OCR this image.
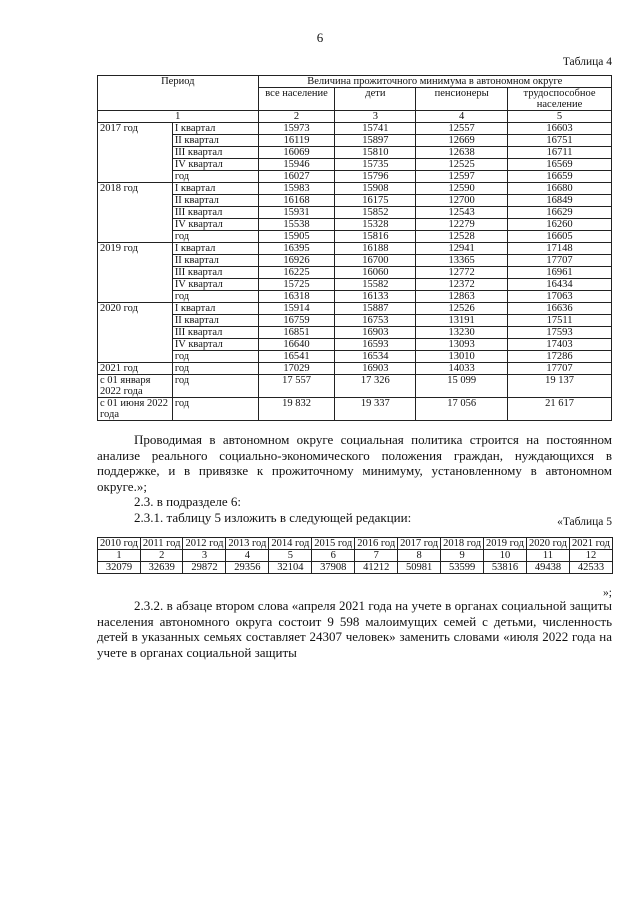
6
Таблица 4
Период		Величина прожиточного минимума в автономном округе			
		все население	дети	пенсионеры	трудоспособное население
1		2	3	4	5
2017 год	I квартал	15973	15741	12557	16603
	II квартал	16119	15897	12669	16751
	III квартал	16069	15810	12638	16711
	IV квартал	15946	15735	12525	16569
	год	16027	15796	12597	16659
2018 год	I квартал	15983	15908	12590	16680
	II квартал	16168	16175	12700	16849
	III квартал	15931	15852	12543	16629
	IV квартал	15538	15328	12279	16260
	год	15905	15816	12528	16605
2019 год	I квартал	16395	16188	12941	17148
	II квартал	16926	16700	13365	17707
	III квартал	16225	16060	12772	16961
	IV квартал	15725	15582	12372	16434
	год	16318	16133	12863	17063
2020 год	I квартал	15914	15887	12526	16636
	II квартал	16759	16753	13191	17511
	III квартал	16851	16903	13230	17593
	IV квартал	16640	16593	13093	17403
	год	16541	16534	13010	17286
2021 год	год	17029	16903	14033	17707
с 01 января 2022 года	год	17 557	17 326	15 099	19 137
с 01 июня 2022 года	год	19 832	19 337	17 056	21 617
Проводимая в автономном округе социальная политика строится на постоянном анализе реального социально-экономического положения граждан, нуждающихся в поддержке, и в привязке к прожиточному минимуму, установленному в автономном округе.»;
2.3. в подразделе 6:
2.3.1. таблицу 5 изложить в следующей редакции:	«Таблица 5
2010 год	2011 год	2012 год	2013 год	2014 год	2015 год	2016 год	2017 год	2018 год	2019 год	2020 год	2021 год
1	2	3	4	5	6	7	8	9	10	11	12
32079	32639	29872	29356	32104	37908	41212	50981	53599	53816	49438	42533
»;
2.3.2. в абзаце втором слова «апреля 2021 года на учете в органах социальной защиты населения автономного округа состоит 9 598 малоимущих семей с детьми, численность детей в указанных семьях составляет 24307 человек» заменить словами «июля 2022 года на учете в органах социальной защиты
